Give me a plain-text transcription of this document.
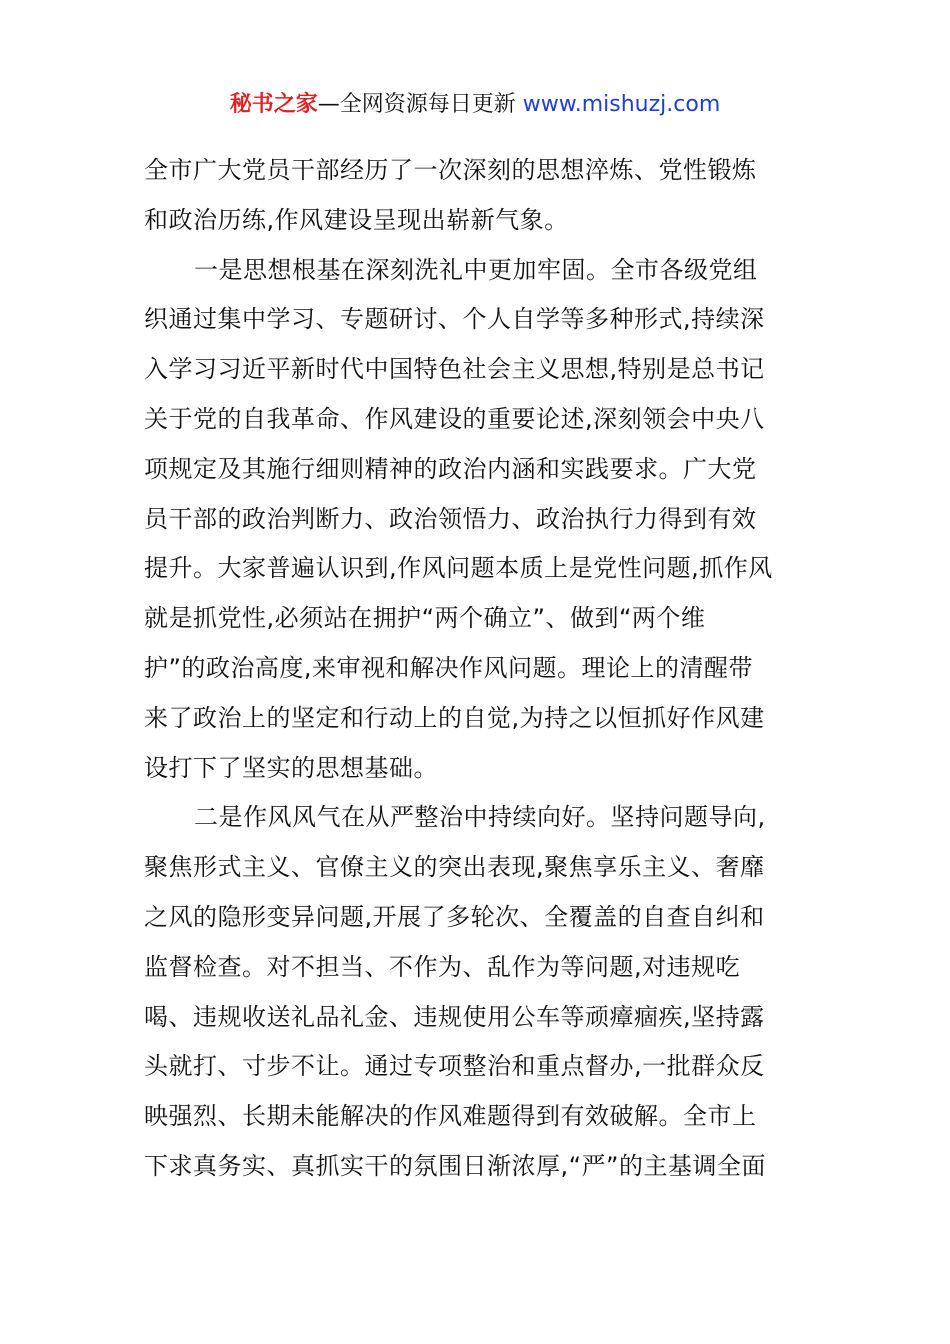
秘书之家—全网资源每日更新 www.mishuzj.com
全市广大党员干部经历了一次深刻的思想淬炼、党性锻炼
和政治历练,作风建设呈现出崭新气象。
一是思想根基在深刻洗礼中更加牢固。全市各级党组
织通过集中学习、专题研讨、个人自学等多种形式,持续深
入学习习近平新时代中国特色社会主义思想,特别是总书记
关于党的自我革命、作风建设的重要论述,深刻领会中央八
项规定及其施行细则精神的政治内涵和实践要求。广大党
员干部的政治判断力、政治领悟力、政治执行力得到有效
提升。大家普遍认识到,作风问题本质上是党性问题,抓作风
就是抓党性,必须站在拥护“两个确立”、做到“两个维
护”的政治高度,来审视和解决作风问题。理论上的清醒带
来了政治上的坚定和行动上的自觉,为持之以恒抓好作风建
设打下了坚实的思想基础。
二是作风风气在从严整治中持续向好。坚持问题导向,
聚焦形式主义、官僚主义的突出表现,聚焦享乐主义、奢靡
之风的隐形变异问题,开展了多轮次、全覆盖的自查自纠和
监督检查。对不担当、不作为、乱作为等问题,对违规吃
喝、违规收送礼品礼金、违规使用公车等顽瘴痼疾,坚持露
头就打、寸步不让。通过专项整治和重点督办,一批群众反
映强烈、长期未能解决的作风难题得到有效破解。全市上
下求真务实、真抓实干的氛围日渐浓厚,“严”的主基调全面
